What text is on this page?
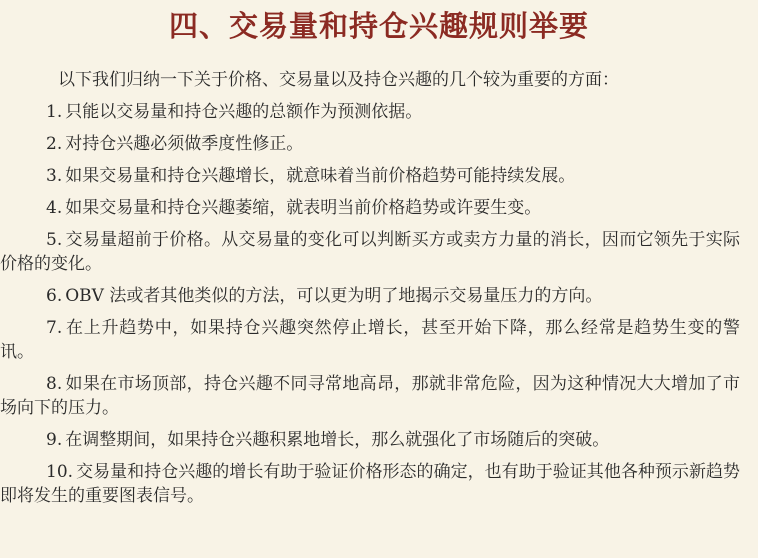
四、交易量和持仓兴趣规则举要

以下我们归纳一下关于价格、交易量以及持仓兴趣的几个较为重要的方面：

1. 只能以交易量和持仓兴趣的总额作为预测依据。
2. 对持仓兴趣必须做季度性修正。
3. 如果交易量和持仓兴趣增长，就意味着当前价格趋势可能持续发展。
4. 如果交易量和持仓兴趣萎缩，就表明当前价格趋势或许要生变。
5. 交易量超前于价格。从交易量的变化可以判断买方或卖方力量的消长，因而它领先于实际价格的变化。
6. OBV 法或者其他类似的方法，可以更为明了地揭示交易量压力的方向。
7. 在上升趋势中，如果持仓兴趣突然停止增长，甚至开始下降，那么经常是趋势生变的警讯。
8. 如果在市场顶部，持仓兴趣不同寻常地高昂，那就非常危险，因为这种情况大大增加了市场向下的压力。
9. 在调整期间，如果持仓兴趣积累地增长，那么就强化了市场随后的突破。
10. 交易量和持仓兴趣的增长有助于验证价格形态的确定，也有助于验证其他各种预示新趋势即将发生的重要图表信号。
